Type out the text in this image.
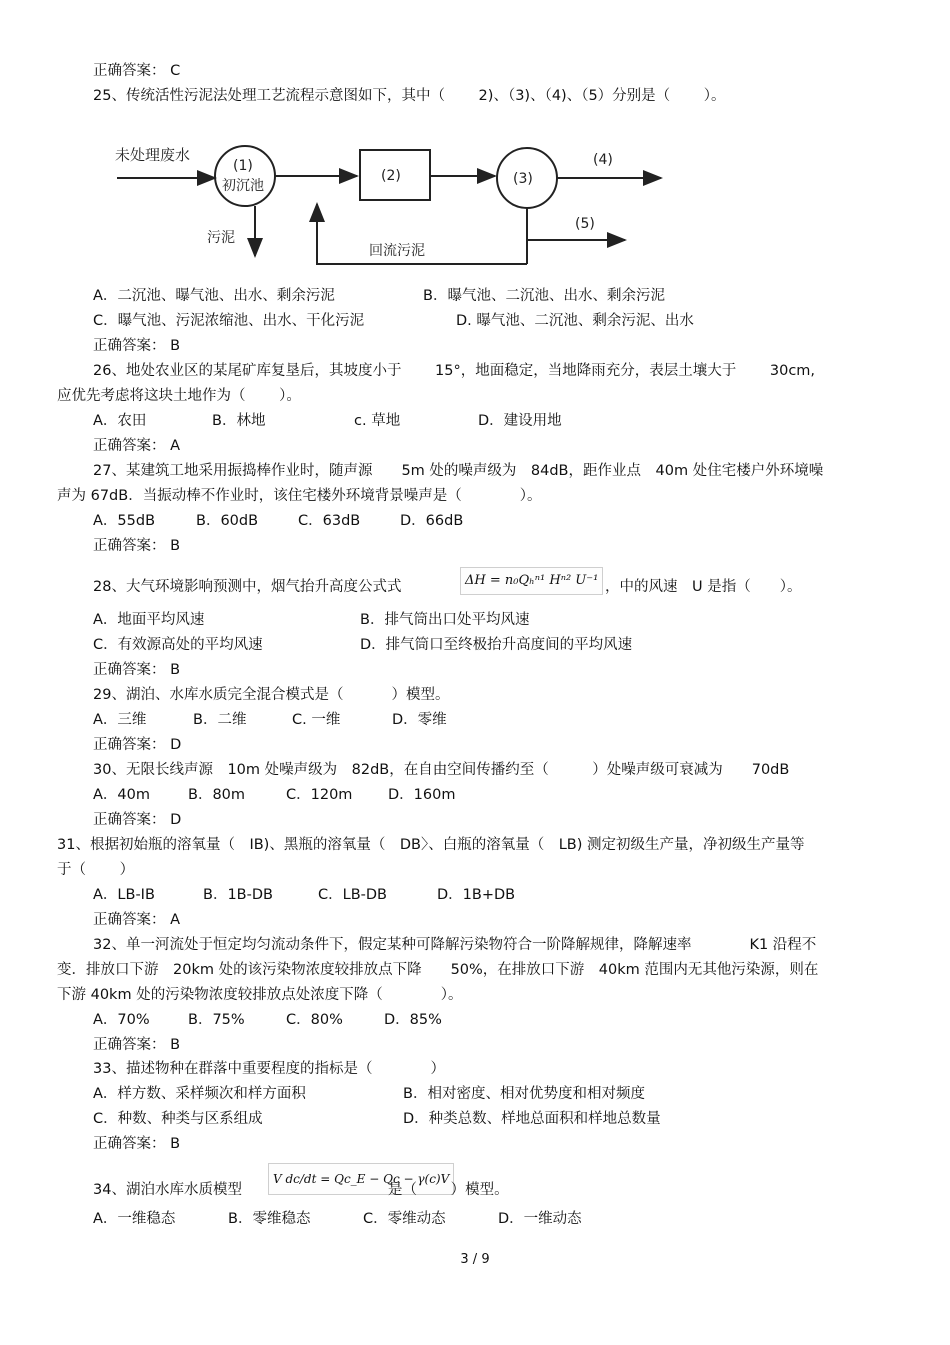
正确答案： C
25、传统活性污泥法处理工艺流程示意图如下，其中（　　 2)、（3)、（4)、（5）分别是（　　 ）。
未处理废水
(1)
初沉池
(2)	(3)
(4)
(5)
回流污泥
污泥
A．二沉池、曝气池、出水、剩余污泥	B．曝气池、二沉池、出水、剩余污泥
C．曝气池、污泥浓缩池、出水、干化污泥	D. 曝气池、二沉池、剩余污泥、出水
正确答案： B
26、地处农业区的某尾矿库复垦后，其坡度小于　　 15°，地面稳定，当地降雨充分，表层土壤大于　　 30cm,
应优先考虑将这块土地作为（　　 ）。
A．农田	B．林地	c. 草地	D．建设用地
正确答案： A
27、某建筑工地采用振捣棒作业时，随声源　　5m 处的噪声级为　84dB，距作业点　40m 处住宅楼户外环境噪
声为 67dB．当振动棒不作业时，该住宅楼外环境背景噪声是（　　　　）。
A．55dB	B．60dB	C．63dB	D．66dB
正确答案： B
28、大气环境影响预测中，烟气抬升高度公式式	ΔH = n₀Qₕⁿ¹ Hⁿ² U⁻¹ ，中的风速　U 是指（　　）。
A．地面平均风速	B．排气筒出口处平均风速
C．有效源高处的平均风速	D．排气筒口至终极抬升高度间的平均风速
正确答案： B
29、湖泊、水库水质完全混合模式是（　　　 ）模型。
A．三维	B．二维	C. 一维	D．零维
正确答案： D
30、无限长线声源　10m 处噪声级为　82dB，在自由空间传播约至（　　　）处噪声级可衰减为　　70dB
A．40m	B．80m	C．120m D．160m
正确答案： D
31、根据初始瓶的溶氧量（　IB)、黑瓶的溶氧量（　DB〉、白瓶的溶氧量（　LB) 测定初级生产量，净初级生产量等
于（　　 ）
A．LB-IB	B．1B-DB	C．LB-DB	D．1B+DB
正确答案： A
32、单一河流处于恒定均匀流动条件下，假定某种可降解污染物符合一阶降解规律，降解速率　　　　K1 沿程不
变．排放口下游　20km 处的该污染物浓度较排放点下降　　50%，在排放口下游　40km 范围内无其他污染源，则在
下游 40km 处的污染物浓度较排放点处浓度下降（　　　　）。
A．70%	B．75%	C．80%	D．85%
正确答案： B
33、描述物种在群落中重要程度的指标是（　　　　）
A．样方数、采样频次和样方面积	B．相对密度、相对优势度和相对频度
C．种数、种类与区系组成	D．种类总数、样地总面积和样地总数量
正确答案： B
34、湖泊水库水质模型
V dc/dt = Qc_E − Qc − γ(c)V
是（　　 ）模型。
A．一维稳态	B．零维稳态	C．零维动态	D．一维动态
3 / 9
